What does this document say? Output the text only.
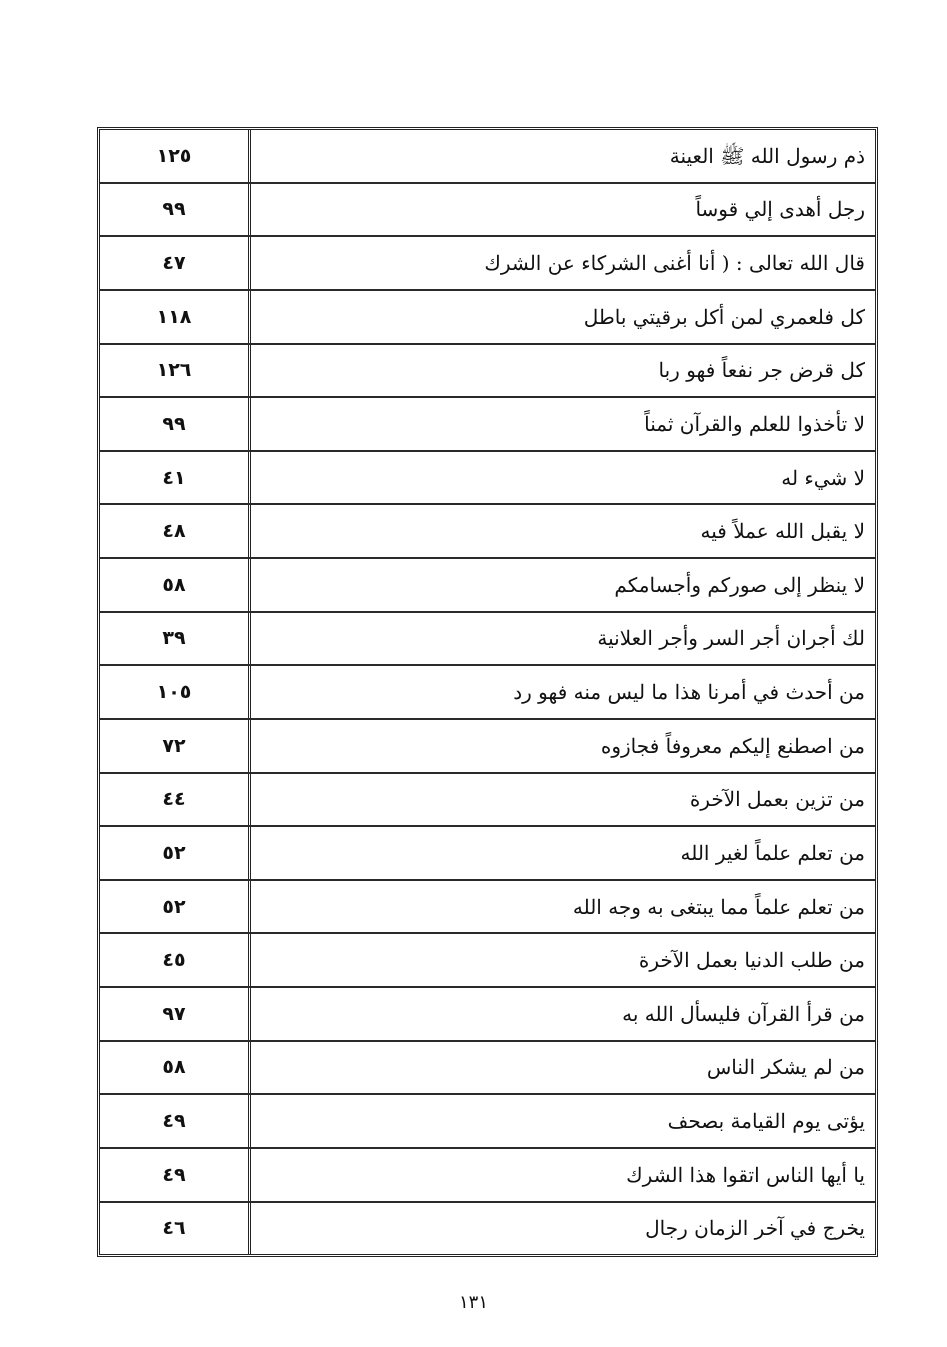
ذم رسول الله ﷺ العينة
١٢٥
رجل أهدى إلي قوساً
٩٩
قال الله تعالى : ( أنا أغنى الشركاء عن الشرك
٤٧
كل فلعمري لمن أكل برقيتي باطل
١١٨
كل قرض جر نفعاً فهو ربا
١٢٦
لا تأخذوا للعلم والقرآن ثمناً
٩٩
لا شيء له
٤١
لا يقبل الله عملاً فيه
٤٨
لا ينظر إلى صوركم وأجسامكم
٥٨
لك أجران أجر السر وأجر العلانية
٣٩
من أحدث في أمرنا هذا ما ليس منه فهو رد
١٠٥
من اصطنع إليكم معروفاً فجازوه
٧٢
من تزين بعمل الآخرة
٤٤
من تعلم علماً لغير الله
٥٢
من تعلم علماً مما يبتغى به وجه الله
٥٢
من طلب الدنيا بعمل الآخرة
٤٥
من قرأ القرآن فليسأل الله به
٩٧
من لم يشكر الناس
٥٨
يؤتى يوم القيامة بصحف
٤٩
يا أيها الناس اتقوا هذا الشرك
٤٩
يخرج في آخر الزمان رجال
٤٦
١٣١
